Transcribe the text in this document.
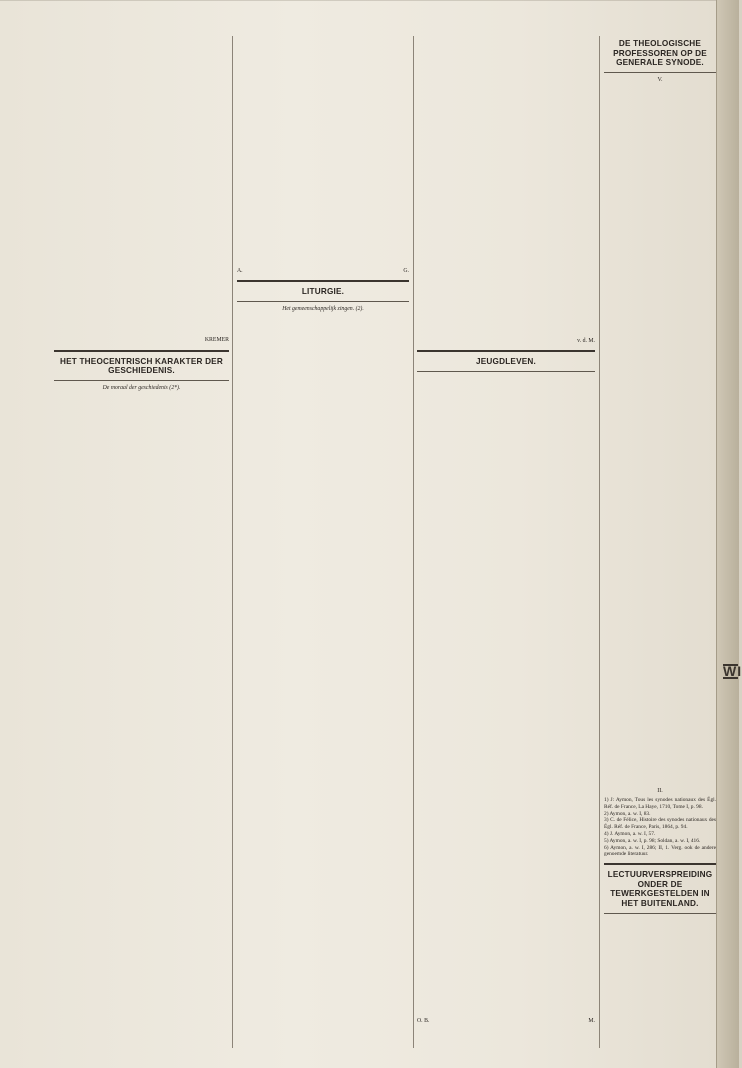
KREMER
HET THEOCENTRISCH KARAKTER DER GESCHIEDENIS.
De moraal der geschiedenis (2*).
A.	G.
LITURGIE.
Het gemeenschappelijk zingen. (2).
v. d. M.
JEUGDLEVEN.
O. B.	M.
DE THEOLOGISCHE PROFESSOREN OP DE GENERALE SYNODE.
V.
II.
1) J: Aymon, Tous les synodes nationaux des Égl. Réf. de France, La Haye, 1710, Tome I, p. 98.
2) Aymon, a. w. I, 83.
3) C. de Félice, Histoire des synodes nationaux des Égl. Réf. de France, Paris, 1864, p. 94.
4) J. Aymon, a. w. I, 57.
5) Aymon, a. w. I, p. 98; Soldan, a. w. I, 416.
6) Aymon, a. w. I, 286; II, 1. Verg. ook de andere genoemde literatuur.
LECTUURVERSPREIDING ONDER DE TEWERKGESTELDEN IN HET BUITENLAND.
WI
